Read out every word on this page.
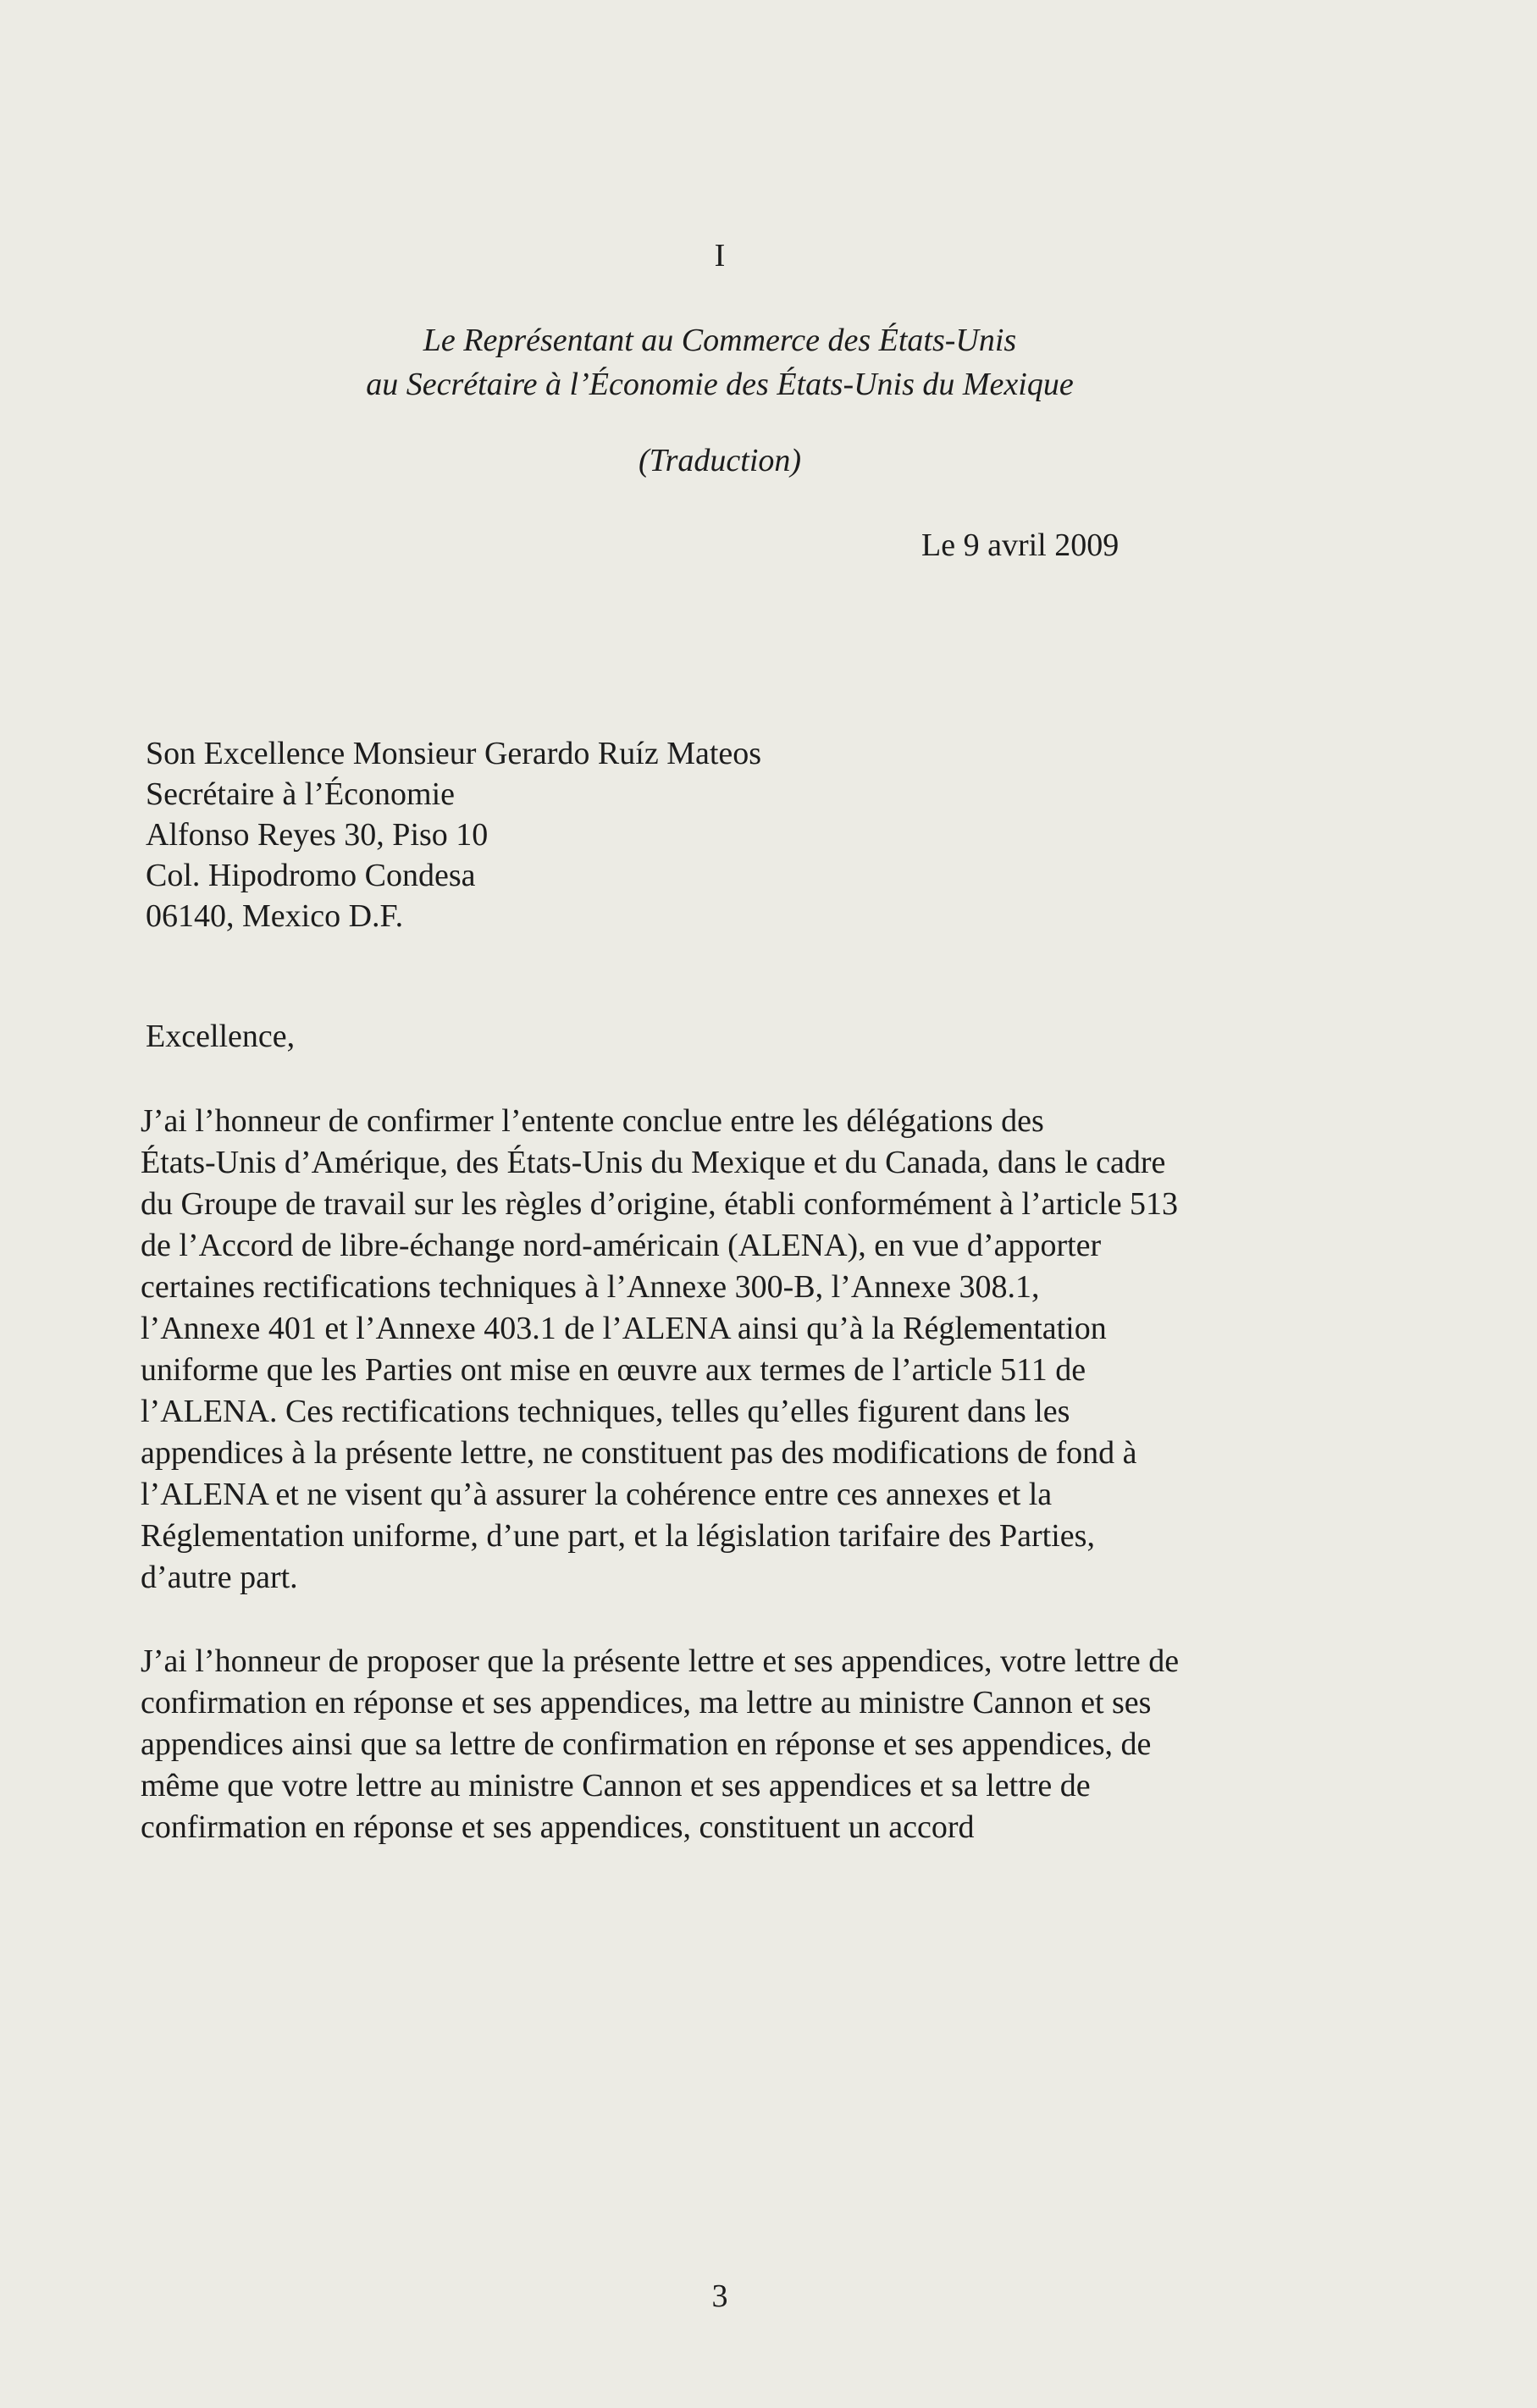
I
Le Représentant au Commerce des États-Unis
au Secrétaire à l’Économie des États-Unis du Mexique
(Traduction)
Le 9 avril 2009
Son Excellence Monsieur Gerardo Ruíz Mateos
Secrétaire à l’Économie
Alfonso Reyes 30, Piso 10
Col. Hipodromo Condesa
06140, Mexico D.F.
Excellence,
J’ai l’honneur de confirmer l’entente conclue entre les délégations des
États-Unis d’Amérique, des États-Unis du Mexique et du Canada, dans le cadre
du Groupe de travail sur les règles d’origine, établi conformément à l’article 513
de l’Accord de libre-échange nord-américain (ALENA), en vue d’apporter
certaines rectifications techniques à l’Annexe 300-B, l’Annexe 308.1,
l’Annexe 401 et l’Annexe 403.1 de l’ALENA ainsi qu’à la Réglementation
uniforme que les Parties ont mise en œuvre aux termes de l’article 511 de
l’ALENA. Ces rectifications techniques, telles qu’elles figurent dans les
appendices à la présente lettre, ne constituent pas des modifications de fond à
l’ALENA et ne visent qu’à assurer la cohérence entre ces annexes et la
Réglementation uniforme, d’une part, et la législation tarifaire des Parties,
d’autre part.
J’ai l’honneur de proposer que la présente lettre et ses appendices, votre lettre de
confirmation en réponse et ses appendices, ma lettre au ministre Cannon et ses
appendices ainsi que sa lettre de confirmation en réponse et ses appendices, de
même que votre lettre au ministre Cannon et ses appendices et sa lettre de
confirmation en réponse et ses appendices, constituent un accord
3
